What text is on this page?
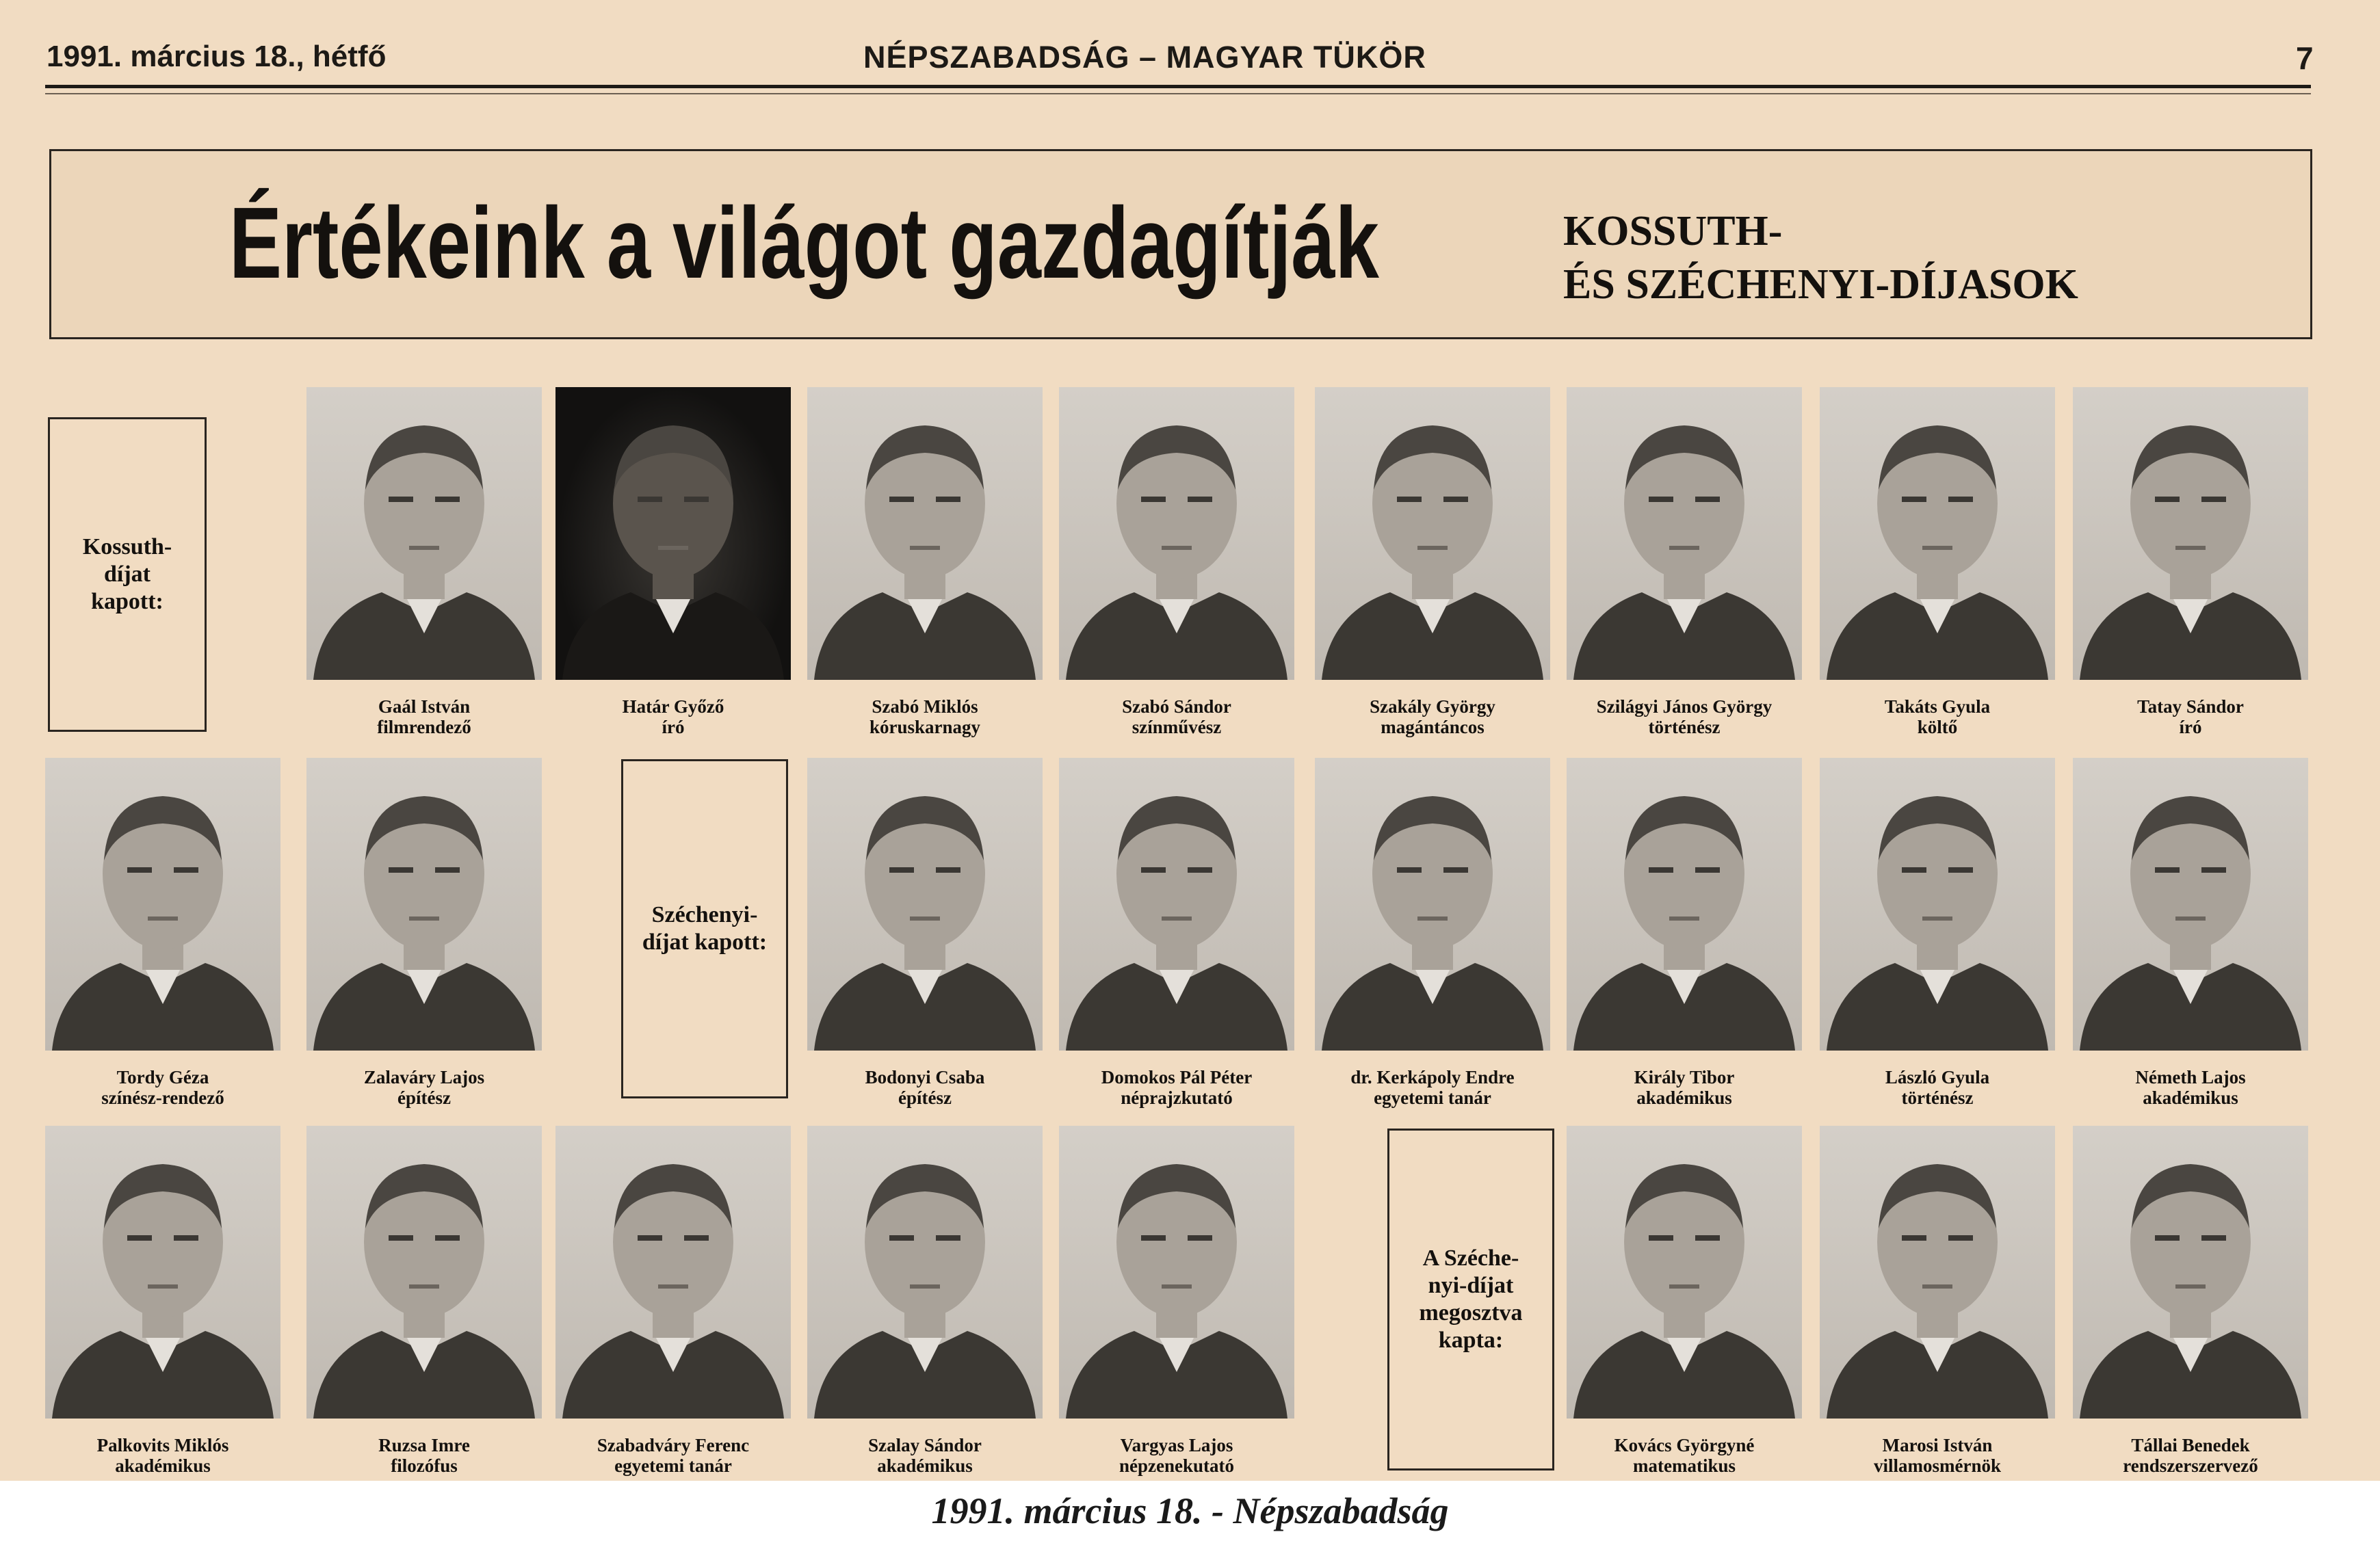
1991. március 18., hétfő	NÉPSZABADSÁG – MAGYAR TÜKÖR	7
Értékeink a világot gazdagítják	KOSSUTH-
ÉS SZÉCHENYI-DÍJASOK
Kossuth-
díjat
kapott:
Széchenyi-
díjat kapott:
A Széche-
nyi-díjat
megosztva
kapta:
Gaál István
filmrendező
Határ Győző
író
Szabó Miklós
kóruskarnagy
Szabó Sándor
színművész
Szakály György
magántáncos
Szilágyi János György
történész
Takáts Gyula
költő
Tatay Sándor
író
Tordy Géza
színész-rendező
Zalaváry Lajos
építész
Bodonyi Csaba
építész
Domokos Pál Péter
néprajzkutató
dr. Kerkápoly Endre
egyetemi tanár
Király Tibor
akadémikus
László Gyula
történész
Németh Lajos
akadémikus
Palkovits Miklós
akadémikus
Ruzsa Imre
filozófus
Szabadváry Ferenc
egyetemi tanár
Szalay Sándor
akadémikus
Vargyas Lajos
népzenekutató
Kovács Györgyné
matematikus
Marosi István
villamosmérnök
Tállai Benedek
rendszerszervező
1991. március 18. - Népszabadság
